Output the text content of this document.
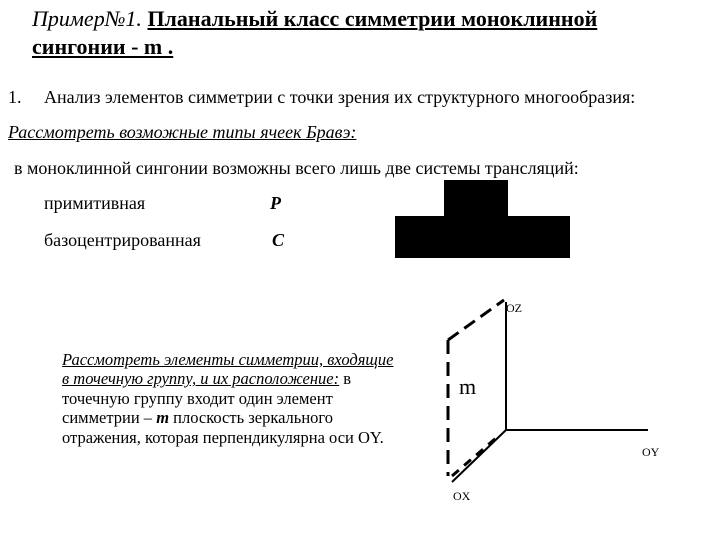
Пример№1. Планальный класс симметрии моноклинной
сингонии - m .
1. Анализ элементов симметрии с точки зрения их структурного многообразия:
Рассмотреть возможные типы ячеек Бравэ:
в моноклинной сингонии возможны всего лишь две системы трансляций:
примитивная	P
базоцентрированная	C
Рассмотреть элементы симметрии, входящие в точечную группу, и их расположение: в точечную группу входит один элемент симметрии – m плоскость зеркального отражения, которая перпендикулярна оси OY.
OZ
OY
OX
m
